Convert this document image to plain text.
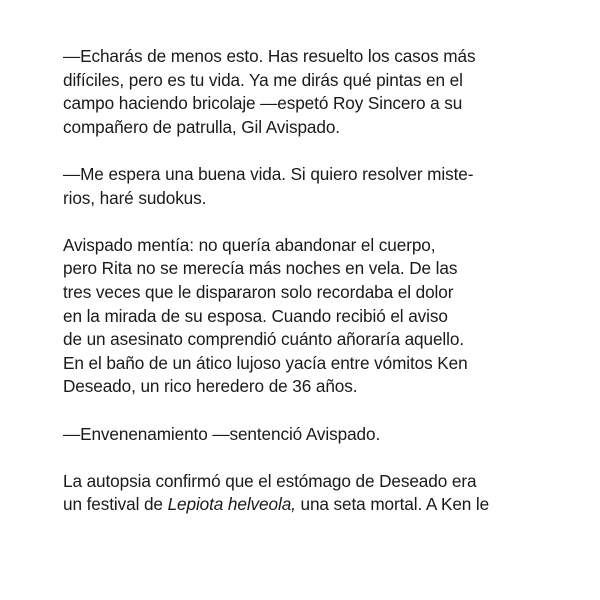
—Echarás de menos esto. Has resuelto los casos más
difíciles, pero es tu vida. Ya me dirás qué pintas en el
campo haciendo bricolaje —espetó Roy Sincero a su
compañero de patrulla, Gil Avispado.

—Me espera una buena vida. Si quiero resolver miste-
rios, haré sudokus.

Avispado mentía: no quería abandonar el cuerpo,
pero Rita no se merecía más noches en vela. De las
tres veces que le dispararon solo recordaba el dolor
en la mirada de su esposa. Cuando recibió el aviso
de un asesinato comprendió cuánto añoraría aquello.
En el baño de un ático lujoso yacía entre vómitos Ken
Deseado, un rico heredero de 36 años.

—Envenenamiento —sentenció Avispado.

La autopsia confirmó que el estómago de Deseado era
un festival de Lepiota helveola, una seta mortal. A Ken le
